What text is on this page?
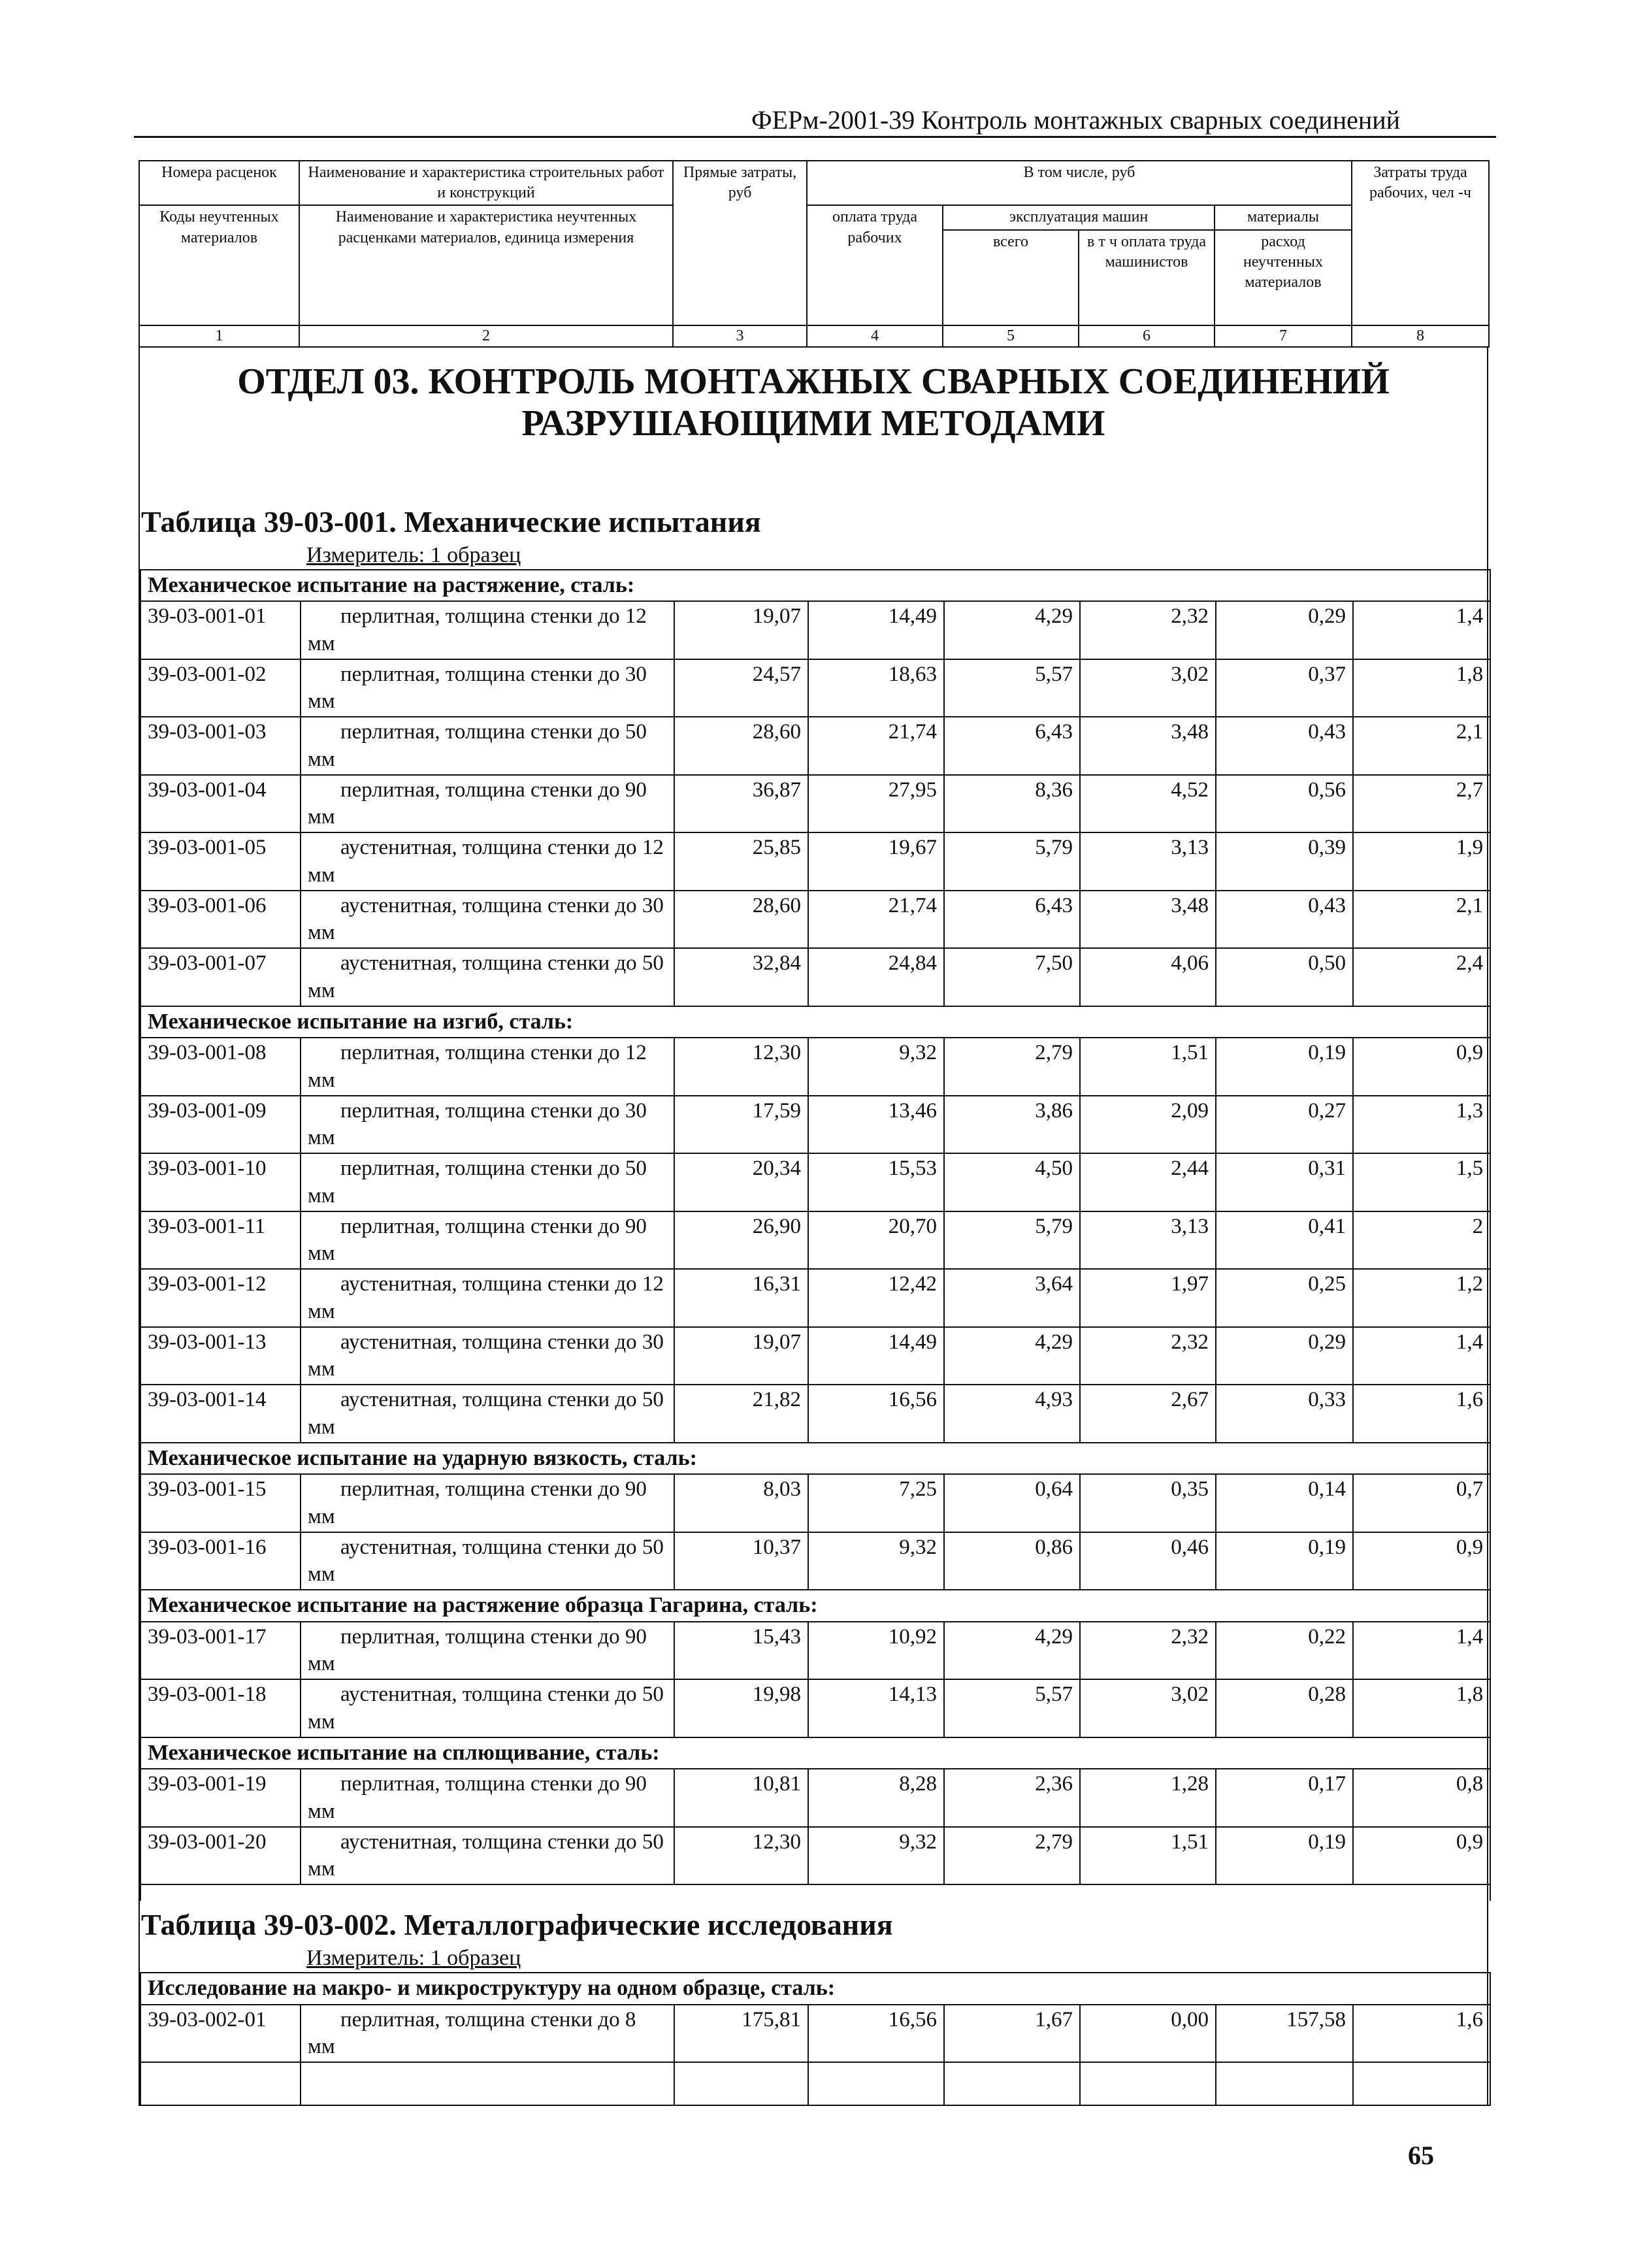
ФЕРм-2001-39 Контроль монтажных сварных соединений
Номера расценок	Наименование и характеристика строительных работ и конструкций	Прямые затраты, руб	В том числе, руб				Затраты труда рабочих, чел -ч
Коды неучтенных материалов	Наименование и характеристика неучтенных расценками материалов, единица измерения		оплата труда рабочих	эксплуатация машин		материалы	
				всего	в т ч оплата труда машинистов	расход неучтенных материалов	
1	2	3	4	5	6	7	8
ОТДЕЛ 03. КОНТРОЛЬ МОНТАЖНЫХ СВАРНЫХ СОЕДИНЕНИЙ
РАЗРУШАЮЩИМИ МЕТОДАМИ
Таблица 39-03-001. Механические испытания
Измеритель: 1 образец
Механическое испытание на растяжение, сталь:							
39-03-001-01	перлитная, толщина стенки до 12 мм	19,07	14,49	4,29	2,32	0,29	1,4
39-03-001-02	перлитная, толщина стенки до 30 мм	24,57	18,63	5,57	3,02	0,37	1,8
39-03-001-03	перлитная, толщина стенки до 50 мм	28,60	21,74	6,43	3,48	0,43	2,1
39-03-001-04	перлитная, толщина стенки до 90 мм	36,87	27,95	8,36	4,52	0,56	2,7
39-03-001-05	аустенитная, толщина стенки до 12 мм	25,85	19,67	5,79	3,13	0,39	1,9
39-03-001-06	аустенитная, толщина стенки до 30 мм	28,60	21,74	6,43	3,48	0,43	2,1
39-03-001-07	аустенитная, толщина стенки до 50 мм	32,84	24,84	7,50	4,06	0,50	2,4
Механическое испытание на изгиб, сталь:							
39-03-001-08	перлитная, толщина стенки до 12 мм	12,30	9,32	2,79	1,51	0,19	0,9
39-03-001-09	перлитная, толщина стенки до 30 мм	17,59	13,46	3,86	2,09	0,27	1,3
39-03-001-10	перлитная, толщина стенки до 50 мм	20,34	15,53	4,50	2,44	0,31	1,5
39-03-001-11	перлитная, толщина стенки до 90 мм	26,90	20,70	5,79	3,13	0,41	2
39-03-001-12	аустенитная, толщина стенки до 12 мм	16,31	12,42	3,64	1,97	0,25	1,2
39-03-001-13	аустенитная, толщина стенки до 30 мм	19,07	14,49	4,29	2,32	0,29	1,4
39-03-001-14	аустенитная, толщина стенки до 50 мм	21,82	16,56	4,93	2,67	0,33	1,6
Механическое испытание на ударную вязкость, сталь:							
39-03-001-15	перлитная, толщина стенки до 90 мм	8,03	7,25	0,64	0,35	0,14	0,7
39-03-001-16	аустенитная, толщина стенки до 50 мм	10,37	9,32	0,86	0,46	0,19	0,9
Механическое испытание на растяжение образца Гагарина, сталь:							
39-03-001-17	перлитная, толщина стенки до 90 мм	15,43	10,92	4,29	2,32	0,22	1,4
39-03-001-18	аустенитная, толщина стенки до 50 мм	19,98	14,13	5,57	3,02	0,28	1,8
Механическое испытание на сплющивание, сталь:							
39-03-001-19	перлитная, толщина стенки до 90 мм	10,81	8,28	2,36	1,28	0,17	0,8
39-03-001-20	аустенитная, толщина стенки до 50 мм	12,30	9,32	2,79	1,51	0,19	0,9

Таблица 39-03-002. Металлографические исследования
Измеритель: 1 образец
Исследование на макро- и микроструктуру на одном образце, сталь:							
39-03-002-01	перлитная, толщина стенки до 8 мм	175,81	16,56	1,67	0,00	157,58	1,6

65
